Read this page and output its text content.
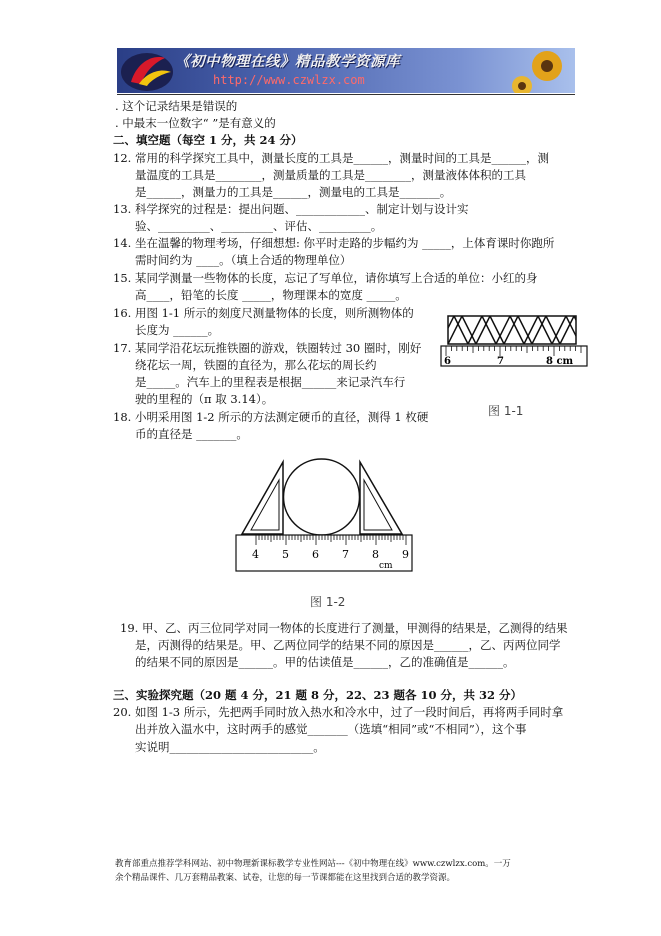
《初中物理在线》精品教学资源库
http://www.czwlzx.com
. 这个记录结果是错误的
. 中最末一位数字“ ”是有意义的
二、填空题（每空 1 分，共 24 分）
12. 常用的科学探究工具中，测量长度的工具是______，测量时间的工具是______，测
量温度的工具是________，测量质量的工具是________，测量液体体积的工具
是______，测量力的工具是______，测量电的工具是_______。
13. 科学探究的过程是：提出问题、____________、制定计划与设计实
验、_________、_________、评估、_________。
14. 坐在温馨的物理考场，仔细想想: 你平时走路的步幅约为 _____，上体育课时你跑所
需时间约为 ____。（填上合适的物理单位）
15. 某同学测量一些物体的长度，忘记了写单位，请你填写上合适的单位：小红的身
高____，铅笔的长度 _____，物理课本的宽度 _____。
16. 用图 1-1 所示的刻度尺测量物体的长度，则所测物体的
长度为 ______。
17. 某同学沿花坛玩推铁圈的游戏，铁圈转过 30 圈时，刚好
绕花坛一周，铁圈的直径为，那么花坛的周长约
是_____。汽车上的里程表是根据______来记录汽车行
驶的里程的（π 取 3.14）。
18. 小明采用图 1-2 所示的方法测定硬币的直径，测得 1 枚硬
币的直径是 _______。
6	7	8 cm
图 1-1
4 5 6 7 8 9
cm
图 1-2
19. 甲、乙、丙三位同学对同一物体的长度进行了测量，甲测得的结果是，乙测得的结果
是，丙测得的结果是。甲、乙两位同学的结果不同的原因是______，乙、丙两位同学
的结果不同的原因是______。甲的估读值是______，乙的准确值是______。
三、实验探究题（20 题 4 分，21 题 8 分，22、23 题各 10 分，共 32 分）
20. 如图 1-3 所示，先把两手同时放入热水和冷水中，过了一段时间后，再将两手同时拿
出并放入温水中，这时两手的感觉_______（选填“相同”或“不相同”），这个事
实说明_________________________。
教育部重点推荐学科网站、初中物理新课标教学专业性网站---《初中物理在线》www.czwlzx.com。一万
余个精品课件、几万套精品教案、试卷，让您的每一节课都能在这里找到合适的教学资源。
